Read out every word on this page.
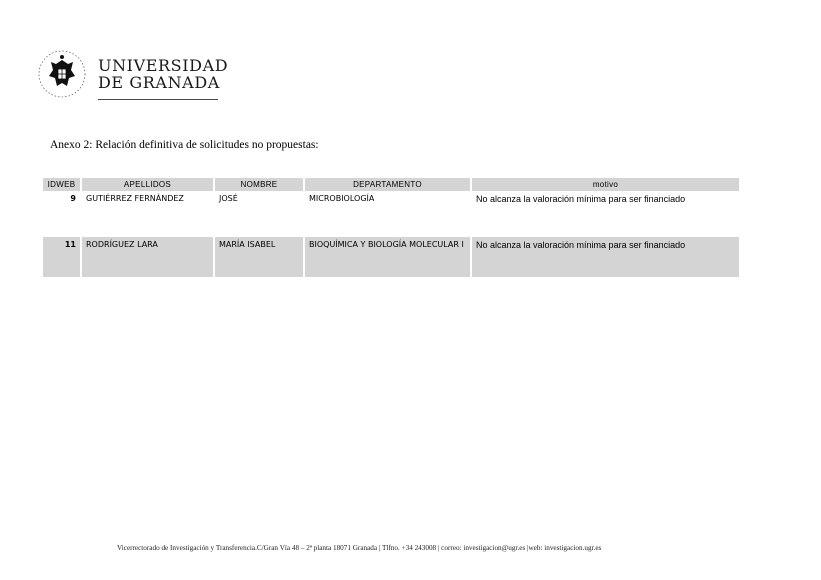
UNIVERSIDAD
DE GRANADA
Anexo 2: Relación definitiva de solicitudes no propuestas:
IDWEB	APELLIDOS	NOMBRE	DEPARTAMENTO	motivo
9	GUTIÉRREZ FERNÁNDEZ	JOSÉ	MICROBIOLOGÍA	No alcanza la valoración mínima para ser financiado

11	RODRÍGUEZ LARA	MARÍA ISABEL	BIOQUÍMICA Y BIOLOGÍA MOLECULAR I	No alcanza la valoración mínima para ser financiado
Vicerrectorado de Investigación y Transferencia.C/Gran Vía 48 – 2ª planta 18071 Granada | Tlfno. +34 243008 | correo: investigacion@ugr.es |web: investigacion.ugr.es
